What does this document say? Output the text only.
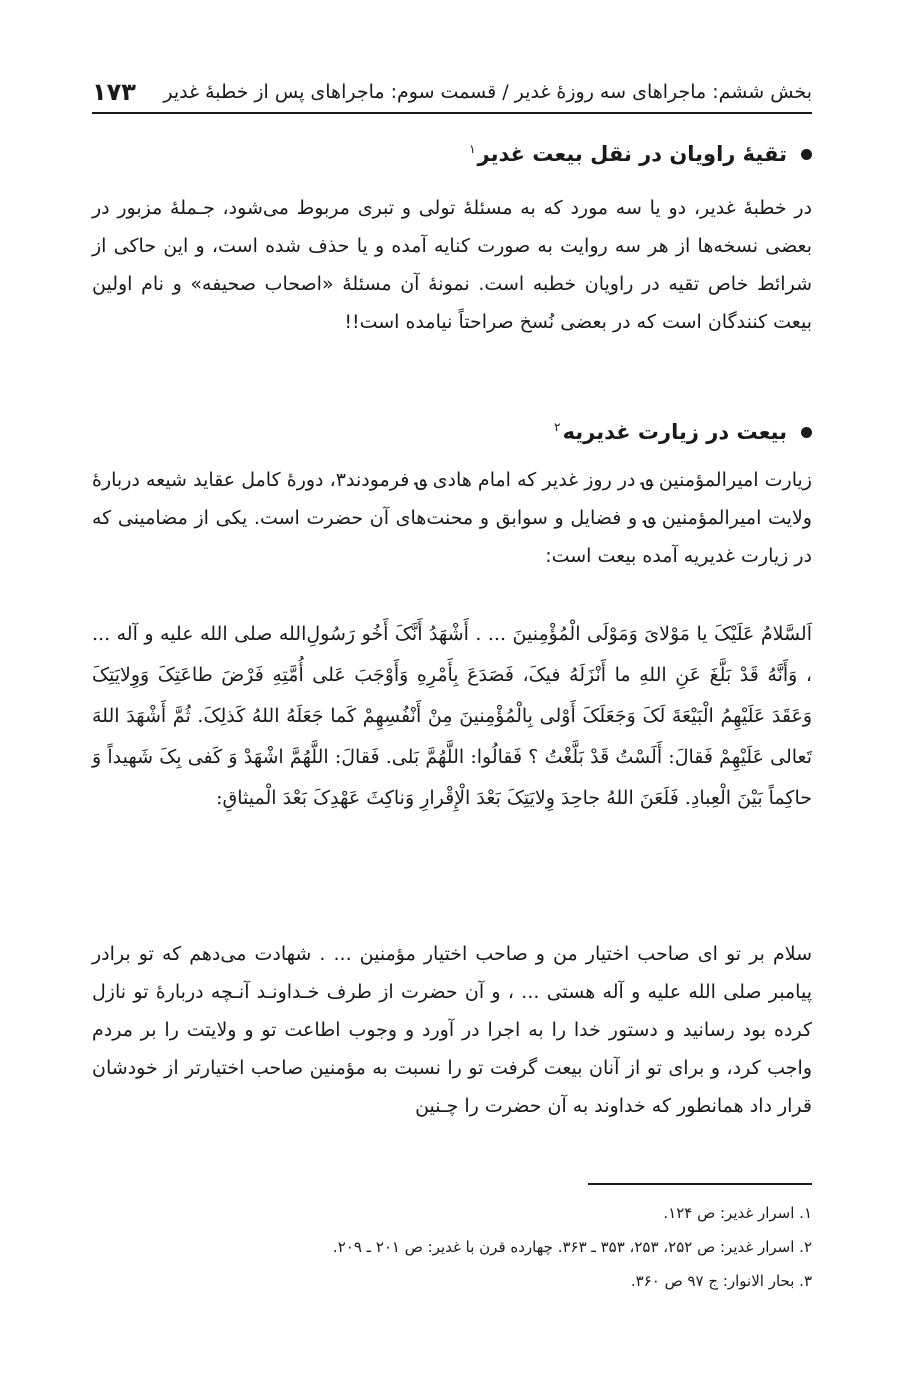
بخش ششم: ماجراهای سه روزۀ غدیر / قسمت سوم: ماجراهای پس از خطبۀ غدیر
۱۷۳
تقیۀ راویان در نقل بیعت غدیر$^۱$
در خطبۀ غدیر، دو یا سه مورد که به مسئلۀ تولی و تبری مربوط می‌شود، جـملۀ مزبور در بعضی نسخه‌ها از هر سه روایت به صورت کنایه آمده و یا حذف شده است، و این حاکی از شرائط خاص تقیه در راویان خطبه است. نمونۀ آن مسئلۀ «اصحاب صحیفه» و نام اولین بیعت کنندگان است که در بعضی نُسخ صراحتاً نیامده است!!
بیعت در زیارت غدیریه$^۲$
زیارت امیرالمؤمنین ؈ در روز غدیر که امام هادی ؈ فرمودند۳، دورۀ کامل عقاید شیعه دربارۀ ولایت امیرالمؤمنین ؈ و فضایل و سوابق و محنت‌های آن حضرت است. یکی از مضامینی که در زیارت غدیریه آمده بیعت است:
اَلسَّلامُ عَلَیْکَ یا مَوْلایَ وَمَوْلَی الْمُؤْمِنینَ ... . أَشْهَدُ أَنَّکَ أَخُو رَسُولِ‌الله صلی الله علیه و آله ... ، وَأَنَّهُ قَدْ بَلَّغَ عَنِ اللهِ ما أَنْزَلَهُ فیکَ، فَصَدَعَ بِأَمْرِهِ وَأَوْجَبَ عَلی أُمَّتِهِ فَرْضَ طاعَتِکَ وَوِلایَتِکَ وَعَقَدَ عَلَیْهِمُ الْبَیْعَةَ لَکَ وَجَعَلَکَ أَوْلی بِالْمُؤْمِنینَ مِنْ أَنْفُسِهِمْ کَما جَعَلَهُ اللهُ کَذلِکَ. ثُمَّ أَشْهَدَ اللهَ تَعالی عَلَیْهِمْ فَقالَ: أَلَسْتُ قَدْ بَلَّغْتُ ؟ فَقالُوا: اللَّهُمَّ بَلی. فَقالَ: اللَّهُمَّ اشْهَدْ وَ کَفی بِکَ شَهیداً وَ حاکِماً بَیْنَ الْعِبادِ. فَلَعَنَ اللهُ جاحِدَ وِلایَتِکَ بَعْدَ الْإِقْرارِ وَناکِثَ عَهْدِکَ بَعْدَ الْمیثاقِ:
سلام بر تو ای صاحب اختیار من و صاحب اختیار مؤمنین ... . شهادت می‌دهم که تو برادر پیامبر صلی الله علیه و آله هستی ... ، و آن حضرت از طرف خـداونـد آنـچه دربارۀ تو نازل کرده بود رسانید و دستور خدا را به اجرا در آورد و وجوب اطاعت تو و ولایتت را بر مردم واجب کرد، و برای تو از آنان بیعت گرفت تو را نسبت به مؤمنین صاحب اختیارتر از خودشان قرار داد همانطور که خداوند به آن حضرت را چـنین
۱. اسرار غدیر: ص ۱۲۴.
۲. اسرار غدیر: ص ۲۵۲، ۲۵۳، ۳۵۳ ـ ۳۶۳. چهارده قرن با غدیر: ص ۲۰۱ ـ ۲۰۹.
۳. بحار الانوار: ج ۹۷ ص ۳۶۰.
